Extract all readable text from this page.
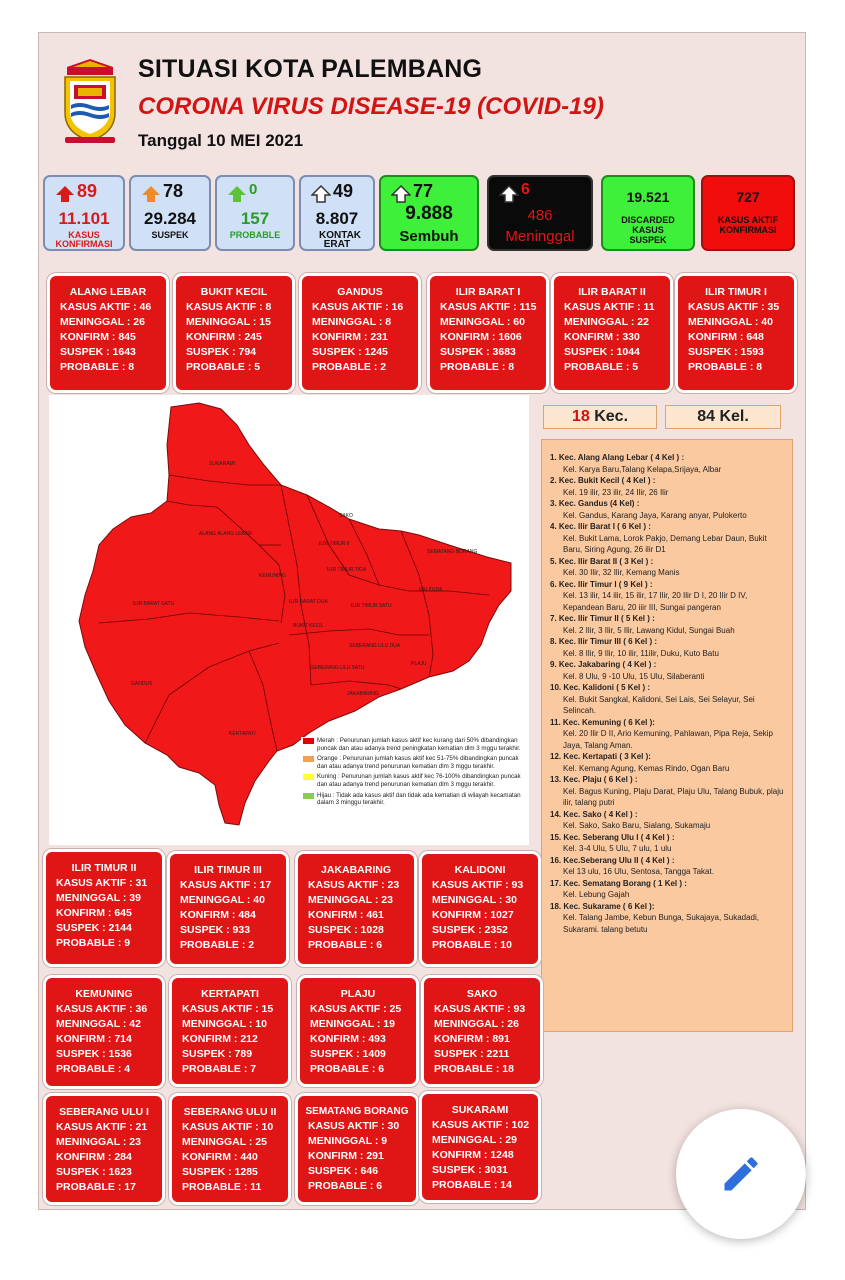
SITUASI KOTA PALEMBANG
CORONA VIRUS DISEASE-19 (COVID-19)
Tanggal 10 MEI 2021
89
11.101
KASUS KONFIRMASI
78
29.284
SUSPEK
0
157
PROBABLE
49
8.807
KONTAK ERAT
77
9.888
Sembuh
6
486
Meninggal
19.521
DISCARDED KASUS SUSPEK
727
KASUS AKTIF KONFIRMASI
ALANG LEBAR
KASUS AKTIF : 46
MENINGGAL : 26
KONFIRM : 845
SUSPEK : 1643
PROBABLE : 8
BUKIT KECIL
KASUS AKTIF : 8
MENINGGAL : 15
KONFIRM : 245
SUSPEK : 794
PROBABLE : 5
GANDUS
KASUS AKTIF : 16
MENINGGAL : 8
KONFIRM : 231
SUSPEK : 1245
PROBABLE : 2
ILIR BARAT I
KASUS AKTIF : 115
MENINGGAL : 60
KONFIRM : 1606
SUSPEK : 3683
PROBABLE : 8
ILIR BARAT II
KASUS AKTIF : 11
MENINGGAL : 22
KONFIRM : 330
SUSPEK : 1044
PROBABLE : 5
ILIR TIMUR I
KASUS AKTIF : 35
MENINGGAL : 40
KONFIRM : 648
SUSPEK : 1593
PROBABLE : 8
SUKARAMI
ALANG ALANG LEBAR
SAKO
SEMATANG BORANG
KEMUNING
ILIR TIMUR II
ILIR TIMUR TIGA
KALIDONI
ILIR BARAT SATU	ILIR BARAT DUA
GANDUS
BUKIT KECIL
ILIR TIMUR SATU
SEBERANG ULU DUA
PLAJU
SEBERANG ULU SATU
JAKABARING
KERTAPATI
Merah : Penurunan jumlah kasus aktif kec kurang dari 50% dibandingkan puncak dan atau adanya trend peningkatan kematian dlm 3 mggu terakhir.
Orange : Penurunan jumlah kasus aktif kec 51-75% dibandingkan puncak dan atau adanya trend penurunan kematian dlm 3 mggu terakhir.
Kuning : Penurunan jumlah kasus aktif kec 76-100% dibandingkan puncak dan atau adanya trend penurunan kematian dlm 3 mggu terakhir.
Hijau : Tidak ada kasus aktif dan tidak ada kematian di wilayah kecamatan dalam 3 minggu terakhir.
18 Kec.	84 Kel.
1. Kec. Alang Alang Lebar ( 4 Kel ) :
Kel. Karya Baru,Talang Kelapa,Srijaya, Albar
2. Kec. Bukit Kecil ( 4 Kel ) :
Kel. 19 ilir, 23 ilir, 24 Ilir, 26 Ilir
3. Kec. Gandus (4 Kel) :
Kel. Gandus, Karang Jaya, Karang anyar, Pulokerto
4. Kec. Ilir Barat I ( 6 Kel ) :
Kel. Bukit Lama, Lorok Pakjo, Demang Lebar Daun, Bukit Baru, Siring Agung, 26 ilir D1
5. Kec. Ilir Barat II ( 3 Kel ) :
Kel. 30 Ilir, 32 Ilir, Kemang Manis
6. Kec. Ilir Timur I ( 9 Kel ) :
Kel. 13 ilir, 14 ilir, 15 ilir, 17 Ilir, 20 Ilir D I, 20 Ilir D IV, Kepandean Baru, 20 iiir III, Sungai pangeran
7. Kec. Ilir Timur II ( 5 Kel ) :
Kel. 2 Ilir, 3 Ilir, 5 Ilir, Lawang Kidul, Sungai Buah
8. Kec. Ilir Timur III ( 6 Kel ) :
Kel. 8 Ilir, 9 Ilir, 10 ilir, 11ilir, Duku, Kuto Batu
9. Kec. Jakabaring ( 4 Kel ) :
Kel. 8 Ulu, 9 -10 Ulu, 15 Ulu, Silaberanti
10. Kec. Kalidoni ( 5 Kel ) :
Kel. Bukit Sangkal, Kalidoni, Sei Lais, Sei Selayur, Sei Selincah.
11. Kec. Kemuning ( 6 Kel ):
Kel. 20 Ilir D II, Ario Kemuning, Pahlawan, Pipa Reja, Sekip Jaya, Talang Aman.
12. Kec. Kertapati ( 3 Kel ):
Kel. Kemang Agung, Kemas Rindo, Ogan Baru
13. Kec. Plaju ( 6 Kel ) :
Kel. Bagus Kuning, Plaju Darat, Plaju Ulu, Talang Bubuk, plaju ilir, talang putri
14. Kec. Sako ( 4 Kel ) :
Kel. Sako, Sako Baru, Sialang, Sukamaju
15. Kec. Seberang Ulu I ( 4 Kel ) :
Kel. 3-4 Ulu, 5 Ulu, 7 ulu, 1 ulu
16. Kec.Seberang Ulu II ( 4 Kel ) :
Kel 13 ulu, 16 Ulu, Sentosa, Tangga Takat.
17. Kec. Sematang Borang ( 1 Kel ) :
Kel. Lebung Gajah
18. Kec. Sukarame ( 6 Kel ):
Kel. Talang Jambe, Kebun Bunga, Sukajaya, Sukadadi, Sukarami. talang betutu
ILIR TIMUR II
KASUS AKTIF : 31
MENINGGAL : 39
KONFIRM : 645
SUSPEK : 2144
PROBABLE : 9
ILIR TIMUR III
KASUS AKTIF : 17
MENINGGAL : 40
KONFIRM : 484
SUSPEK : 933
PROBABLE : 2
JAKABARING
KASUS AKTIF : 23
MENINGGAL : 23
KONFIRM : 461
SUSPEK : 1028
PROBABLE : 6
KALIDONI
KASUS AKTIF : 93
MENINGGAL : 30
KONFIRM : 1027
SUSPEK : 2352
PROBABLE : 10
KEMUNING
KASUS AKTIF : 36
MENINGGAL : 42
KONFIRM : 714
SUSPEK : 1536
PROBABLE : 4
KERTAPATI
KASUS AKTIF : 15
MENINGGAL : 10
KONFIRM : 212
SUSPEK : 789
PROBABLE : 7
PLAJU
KASUS AKTIF : 25
MENINGGAL : 19
KONFIRM : 493
SUSPEK : 1409
PROBABLE : 6
SAKO
KASUS AKTIF : 93
MENINGGAL : 26
KONFIRM : 891
SUSPEK : 2211
PROBABLE : 18
SEBERANG ULU I
KASUS AKTIF : 21
MENINGGAL : 23
KONFIRM : 284
SUSPEK : 1623
PROBABLE : 17
SEBERANG ULU II
KASUS AKTIF : 10
MENINGGAL : 25
KONFIRM : 440
SUSPEK : 1285
PROBABLE : 11
SEMATANG BORANG
KASUS AKTIF : 30
MENINGGAL : 9
KONFIRM : 291
SUSPEK : 646
PROBABLE : 6
SUKARAMI
KASUS AKTIF : 102
MENINGGAL : 29
KONFIRM : 1248
SUSPEK : 3031
PROBABLE : 14
